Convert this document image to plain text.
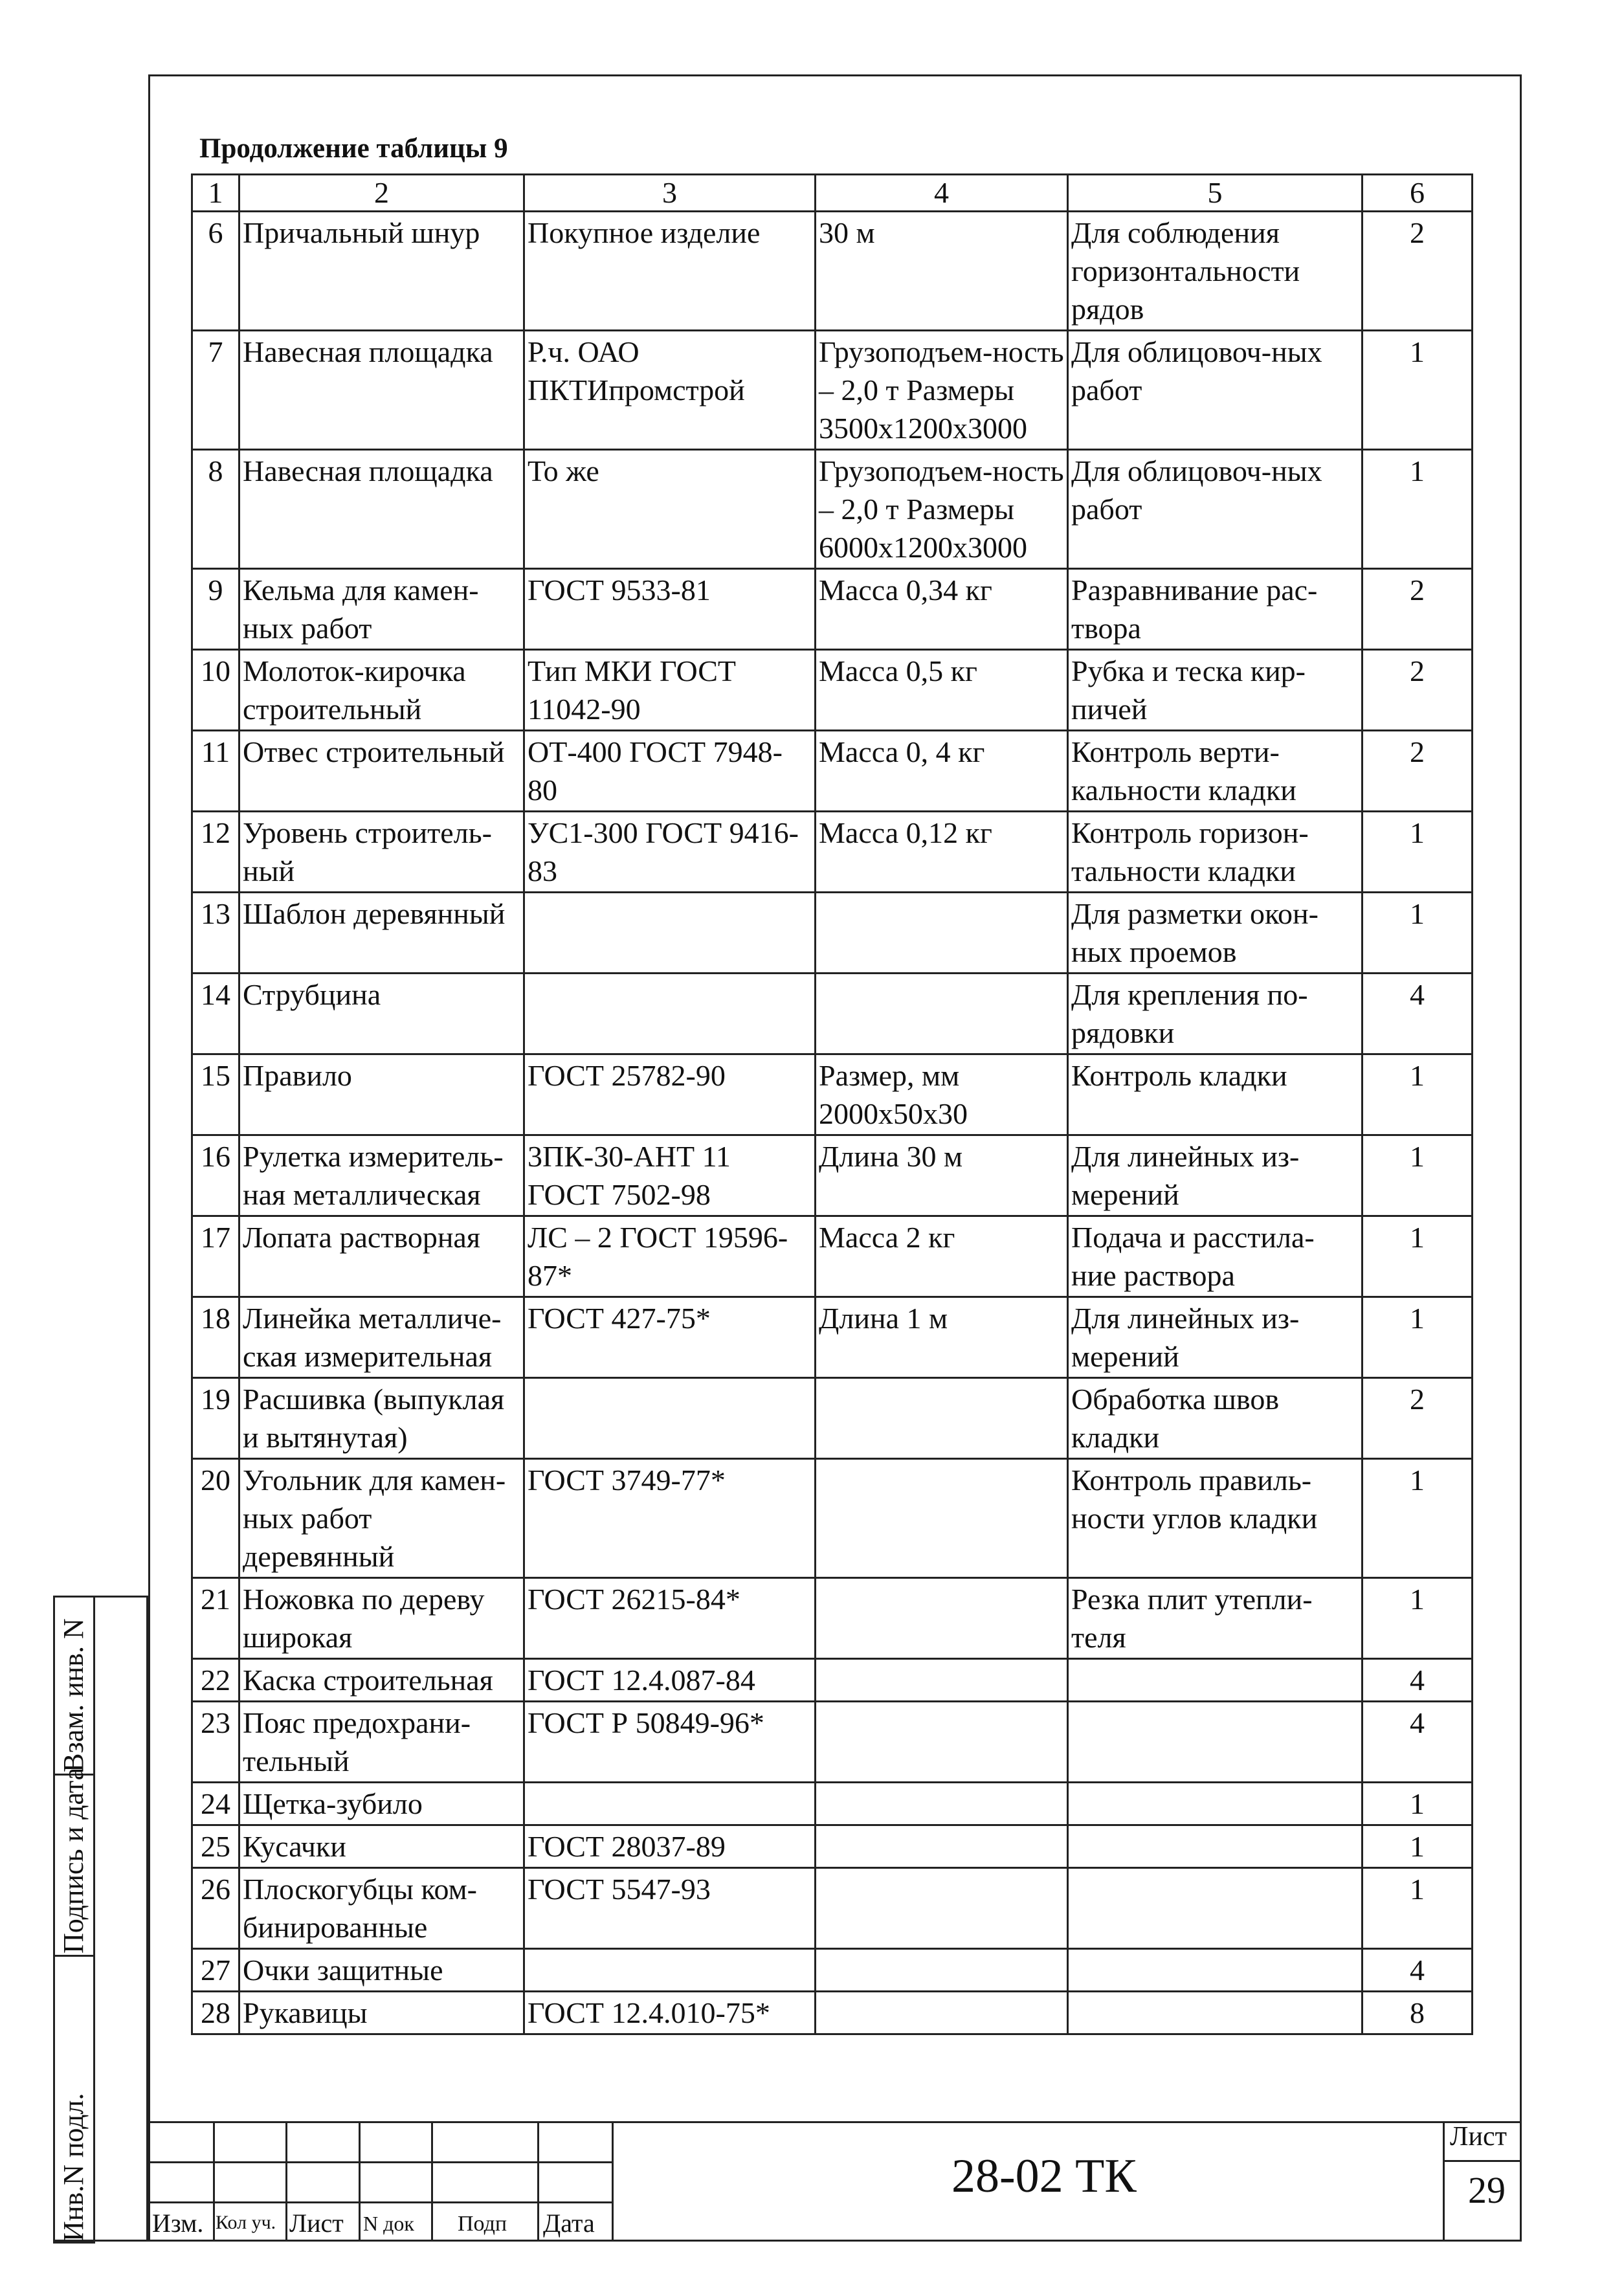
Продолжение таблицы 9
1	2	3	4	5	6
6	Причальный шнур	Покупное изделие	30 м	Для соблюдения горизонтальности рядов	2
7	Навесная площадка	Р.ч. ОАО ПКТИпромстрой	Грузоподъем-ность – 2,0 т Размеры 3500x1200x3000	Для облицовоч-ных работ	1
8	Навесная площадка	То же	Грузоподъем-ность – 2,0 т Размеры 6000x1200x3000	Для облицовоч-ных работ	1
9	Кельма для камен-ных работ	ГОСТ 9533-81	Масса 0,34 кг	Разравнивание рас-твора	2
10	Молоток-кирочка строительный	Тип МКИ ГОСТ 11042-90	Масса 0,5 кг	Рубка и теска кир-пичей	2
11	Отвес строительный	ОТ-400 ГОСТ 7948-80	Масса 0, 4 кг	Контроль верти-кальности кладки	2
12	Уровень строитель-ный	УС1-300 ГОСТ 9416-83	Масса 0,12 кг	Контроль горизон-тальности кладки	1
13	Шаблон деревянный			Для разметки окон-ных проемов	1
14	Струбцина			Для крепления по-рядовки	4
15	Правило	ГОСТ 25782-90	Размер, мм 2000x50x30	Контроль кладки	1
16	Рулетка измеритель-ная металлическая	3ПК-30-АНТ 11 ГОСТ 7502-98	Длина 30 м	Для линейных из-мерений	1
17	Лопата растворная	ЛС – 2 ГОСТ 19596-87*	Масса 2 кг	Подача и расстила-ние раствора	1
18	Линейка металличе-ская измерительная	ГОСТ 427-75*	Длина 1 м	Для линейных из-мерений	1
19	Расшивка (выпуклая и вытянутая)			Обработка швов кладки	2
20	Угольник для камен-ных работ деревянный	ГОСТ 3749-77*		Контроль правиль-ности углов кладки	1
21	Ножовка по дереву широкая	ГОСТ 26215-84*		Резка плит утепли-теля	1
22	Каска строительная	ГОСТ 12.4.087-84			4
23	Пояс предохрани-тельный	ГОСТ Р 50849-96*			4
24	Щетка-зубило				1
25	Кусачки	ГОСТ 28037-89			1
26	Плоскогубцы ком-бинированные	ГОСТ 5547-93			1
27	Очки защитные				4
28	Рукавицы	ГОСТ 12.4.010-75*			8
Инв.N подл.
Подпись и дата
Взам. инв. N
Изм. Кол уч. Лист N док Подп Дата
28-02 ТК
Лист
29
